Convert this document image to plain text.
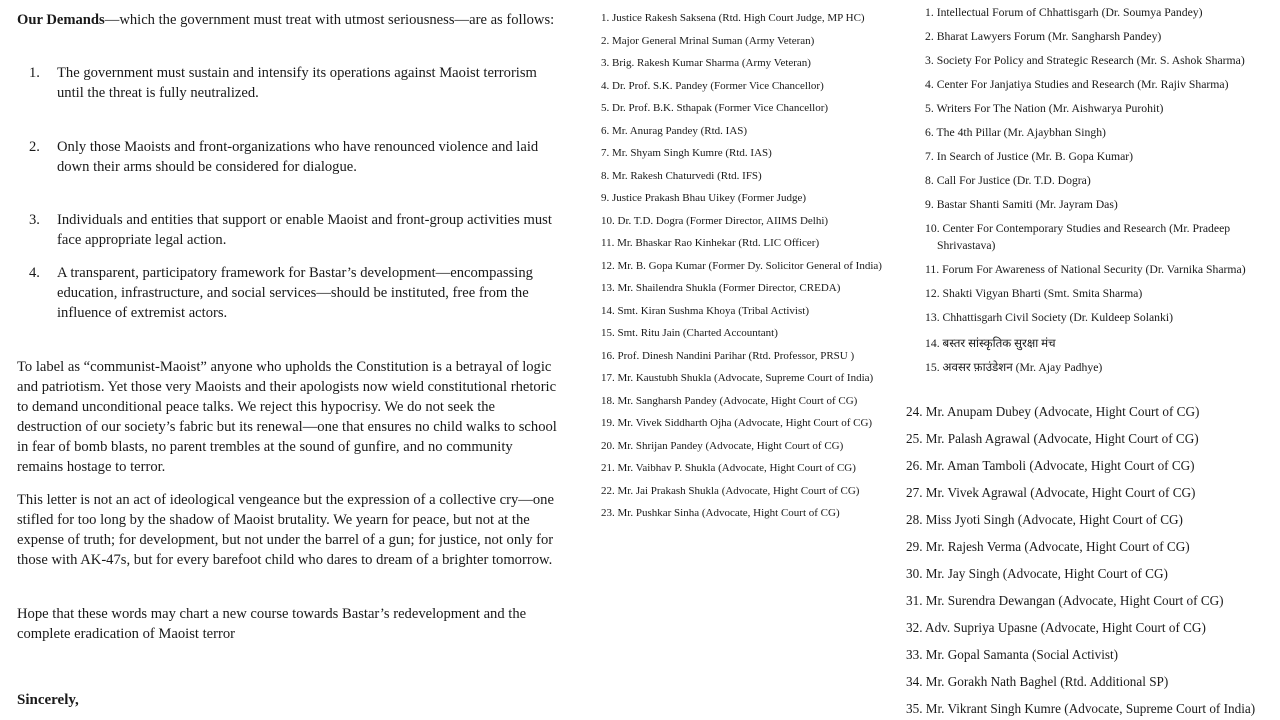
Our Demands—which the government must treat with utmost seriousness—are as follows:

1. The government must sustain and intensify its operations against Maoist terrorism until the threat is fully neutralized.
2. Only those Maoists and front-organizations who have renounced violence and laid down their arms should be considered for dialogue.
3. Individuals and entities that support or enable Maoist and front-group activities must face appropriate legal action.
4. A transparent, participatory framework for Bastar’s development—encompassing education, infrastructure, and social services—should be instituted, free from the influence of extremist actors.

To label as “communist-Maoist” anyone who upholds the Constitution is a betrayal of logic and patriotism. Yet those very Maoists and their apologists now wield constitutional rhetoric to demand unconditional peace talks. We reject this hypocrisy. We do not seek the destruction of our society’s fabric but its renewal—one that ensures no child walks to school in fear of bomb blasts, no parent trembles at the sound of gunfire, and no community remains hostage to terror.

This letter is not an act of ideological vengeance but the expression of a collective cry—one stifled for too long by the shadow of Maoist brutality. We yearn for peace, but not at the expense of truth; for development, but not under the barrel of a gun; for justice, not only for those with AK-47s, but for every barefoot child who dares to dream of a brighter tomorrow.

Hope that these words may chart a new course towards Bastar’s redevelopment and the complete eradication of Maoist terror

Sincerely,

1. Justice Rakesh Saksena (Rtd. High Court Judge, MP HC)
2. Major General Mrinal Suman (Army Veteran)
3. Brig. Rakesh Kumar Sharma (Army Veteran)
4. Dr. Prof. S.K. Pandey (Former Vice Chancellor)
5. Dr. Prof. B.K. Sthapak (Former Vice Chancellor)
6. Mr. Anurag Pandey (Rtd. IAS)
7. Mr. Shyam Singh Kumre (Rtd. IAS)
8. Mr. Rakesh Chaturvedi (Rtd. IFS)
9. Justice Prakash Bhau Uikey (Former Judge)
10. Dr. T.D. Dogra (Former Director, AIIMS Delhi)
11. Mr. Bhaskar Rao Kinhekar (Rtd. LIC Officer)
12. Mr. B. Gopa Kumar (Former Dy. Solicitor General of India)
13. Mr. Shailendra Shukla (Former Director, CREDA)
14. Smt. Kiran Sushma Khoya (Tribal Activist)
15. Smt. Ritu Jain (Charted Accountant)
16. Prof. Dinesh Nandini Parihar (Rtd. Professor, PRSU )
17. Mr. Kaustubh Shukla (Advocate, Supreme Court of India)
18. Mr. Sangharsh Pandey (Advocate, Hight Court of CG)
19. Mr. Vivek Siddharth Ojha (Advocate, Hight Court of CG)
20. Mr. Shrijan Pandey (Advocate, Hight Court of CG)
21. Mr. Vaibhav P. Shukla (Advocate, Hight Court of CG)
22. Mr. Jai Prakash Shukla (Advocate, Hight Court of CG)
23. Mr. Pushkar Sinha (Advocate, Hight Court of CG)
1. Intellectual Forum of Chhattisgarh (Dr. Soumya Pandey)
2. Bharat Lawyers Forum (Mr. Sangharsh Pandey)
3. Society For Policy and Strategic Research (Mr. S. Ashok Sharma)
4. Center For Janjatiya Studies and Research (Mr. Rajiv Sharma)
5. Writers For The Nation (Mr. Aishwarya Purohit)
6. The 4th Pillar (Mr. Ajaybhan Singh)
7. In Search of Justice (Mr. B. Gopa Kumar)
8. Call For Justice (Dr. T.D. Dogra)
9. Bastar Shanti Samiti (Mr. Jayram Das)
10. Center For Contemporary Studies and Research (Mr. Pradeep
Shrivastava)
11. Forum For Awareness of National Security (Dr. Varnika Sharma)
12. Shakti Vigyan Bharti (Smt. Smita Sharma)
13. Chhattisgarh Civil Society (Dr. Kuldeep Solanki)
14. बस्तर सांस्कृतिक सुरक्षा मंच
15. अवसर फ़ाउंडेशन (Mr. Ajay Padhye)
24. Mr. Anupam Dubey (Advocate, Hight Court of CG)
25. Mr. Palash Agrawal (Advocate, Hight Court of CG)
26. Mr. Aman Tamboli (Advocate, Hight Court of CG)
27. Mr. Vivek Agrawal (Advocate, Hight Court of CG)
28. Miss Jyoti Singh (Advocate, Hight Court of CG)
29. Mr. Rajesh Verma (Advocate, Hight Court of CG)
30. Mr. Jay Singh (Advocate, Hight Court of CG)
31. Mr. Surendra Dewangan (Advocate, Hight Court of CG)
32. Adv. Supriya Upasne (Advocate, Hight Court of CG)
33. Mr. Gopal Samanta (Social Activist)
34. Mr. Gorakh Nath Baghel (Rtd. Additional SP)
35. Mr. Vikrant Singh Kumre (Advocate, Supreme Court of India)
